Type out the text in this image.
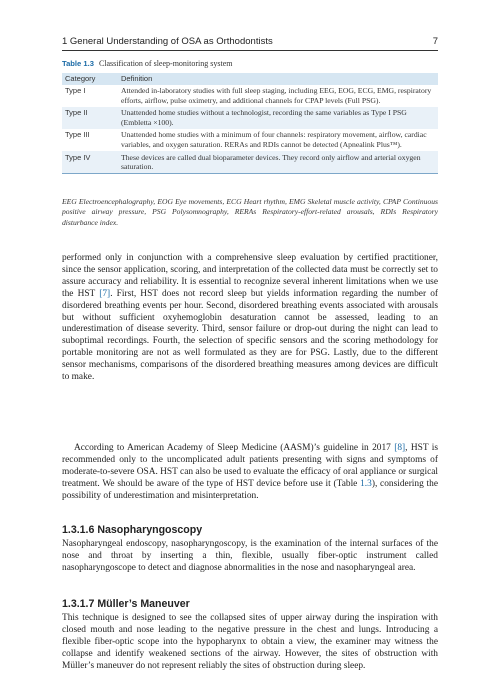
1 General Understanding of OSA as Orthodontists	7
Table 1.3 Classification of sleep-monitoring system
Category	Definition
Type I	Attended in-laboratory studies with full sleep staging, including EEG, EOG, ECG, EMG, respiratory efforts, airflow, pulse oximetry, and additional channels for CPAP levels (Full PSG).
Type II	Unattended home studies without a technologist, recording the same variables as Type I PSG (Embletta ×100).
Type III	Unattended home studies with a minimum of four channels: respiratory movement, airflow, cardiac variables, and oxygen saturation. RERAs and RDIs cannot be detected (Apnealink Plus™).
Type IV	These devices are called dual bioparameter devices. They record only airflow and arterial oxygen saturation.
EEG Electroencephalography, EOG Eye movements, ECG Heart rhythm, EMG Skeletal muscle activity, CPAP Continuous positive airway pressure, PSG Polysomnography, RERAs Respiratory-effort-related arousals, RDIs Respiratory disturbance index.

performed only in conjunction with a comprehensive sleep evaluation by certified practitioner, since the sensor application, scoring, and interpretation of the collected data must be correctly set to assure accuracy and reliability. It is essential to recognize several inherent limitations when we use the HST [7]. First, HST does not record sleep but yields information regarding the number of disordered breathing events per hour. Second, disordered breathing events associated with arousals but without sufficient oxyhemoglobin desaturation cannot be assessed, leading to an underestimation of disease severity. Third, sensor failure or drop-out during the night can lead to suboptimal recordings. Fourth, the selection of specific sensors and the scoring methodology for portable monitoring are not as well formulated as they are for PSG. Lastly, due to the different sensor mechanisms, comparisons of the disordered breathing measures among devices are difficult to make.

According to American Academy of Sleep Medicine (AASM)’s guideline in 2017 [8], HST is recommended only to the uncomplicated adult patients presenting with signs and symptoms of moderate-to-severe OSA. HST can also be used to evaluate the efficacy of oral appliance or surgical treatment. We should be aware of the type of HST device before use it (Table 1.3), considering the possibility of underestimation and misinterpretation.

1.3.1.6 Nasopharyngoscopy

Nasopharyngeal endoscopy, nasopharyngoscopy, is the examination of the internal surfaces of the nose and throat by inserting a thin, flexible, usually fiber-optic instrument called nasopharyngoscope to detect and diagnose abnormalities in the nose and nasopharyngeal area.

1.3.1.7 Müller’s Maneuver

This technique is designed to see the collapsed sites of upper airway during the inspiration with closed mouth and nose leading to the negative pressure in the chest and lungs. Introducing a flexible fiber-optic scope into the hypopharynx to obtain a view, the examiner may witness the collapse and identify weakened sections of the airway. However, the sites of obstruction with Müller’s maneuver do not represent reliably the sites of obstruction during sleep.
